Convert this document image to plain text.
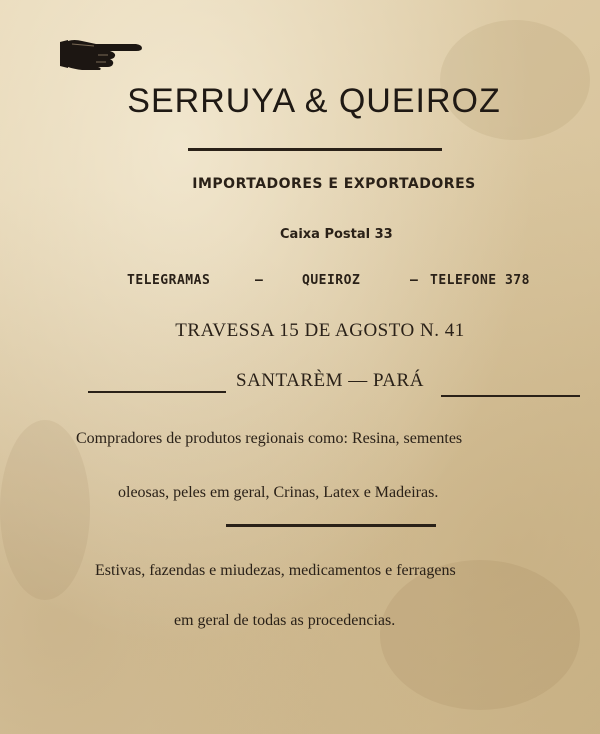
SERRUYA & QUEIROZ
IMPORTADORES E EXPORTADORES
Caixa Postal 33
TELEGRAMAS	—	QUEIROZ	— TELEFONE 378
TRAVESSA 15 DE AGOSTO N. 41
SANTARÈM — PARÁ
Compradores de produtos regionais como: Resina, sementes
oleosas, peles em geral, Crinas, Latex e Madeiras.
Estivas, fazendas e miudezas, medicamentos e ferragens
em geral de todas as procedencias.
